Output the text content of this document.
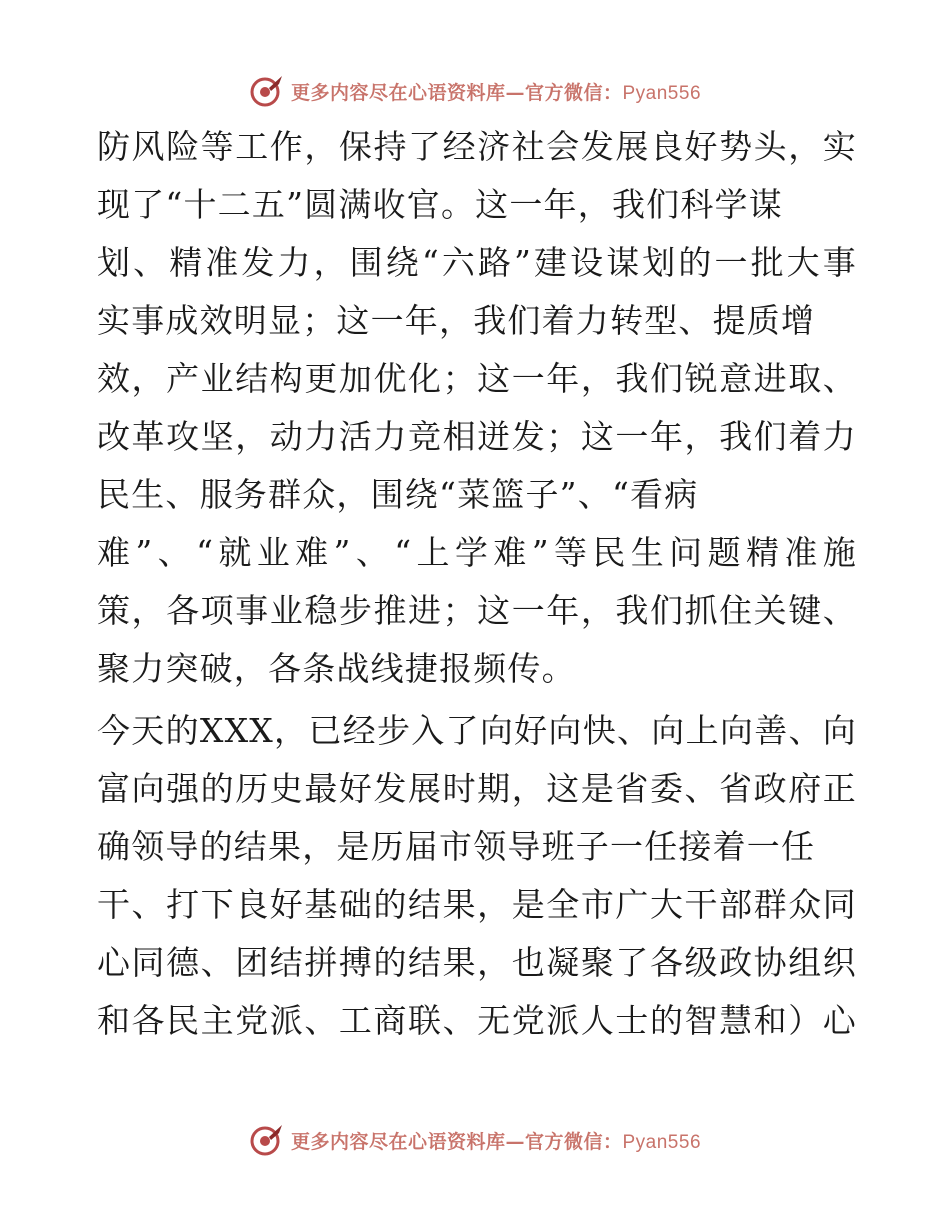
更多内容尽在心语资料库—官方微信：Pyan556
防风险等工作，保持了经济社会发展良好势头，实
现了“十二五”圆满收官。这一年，我们科学谋
划、精准发力，围绕“六路”建设谋划的一批大事
实事成效明显；这一年，我们着力转型、提质增
效，产业结构更加优化；这一年，我们锐意进取、
改革攻坚，动力活力竞相迸发；这一年，我们着力
民生、服务群众，围绕“菜篮子”、“看病
难”、“就业难”、“上学难”等民生问题精准施
策，各项事业稳步推进；这一年，我们抓住关键、
聚力突破，各条战线捷报频传。
今天的XXX，已经步入了向好向快、向上向善、向
富向强的历史最好发展时期，这是省委、省政府正
确领导的结果，是历届市领导班子一任接着一任
干、打下良好基础的结果，是全市广大干部群众同
心同德、团结拼搏的结果，也凝聚了各级政协组织
和各民主党派、工商联、无党派人士的智慧和）心
更多内容尽在心语资料库—官方微信：Pyan556
